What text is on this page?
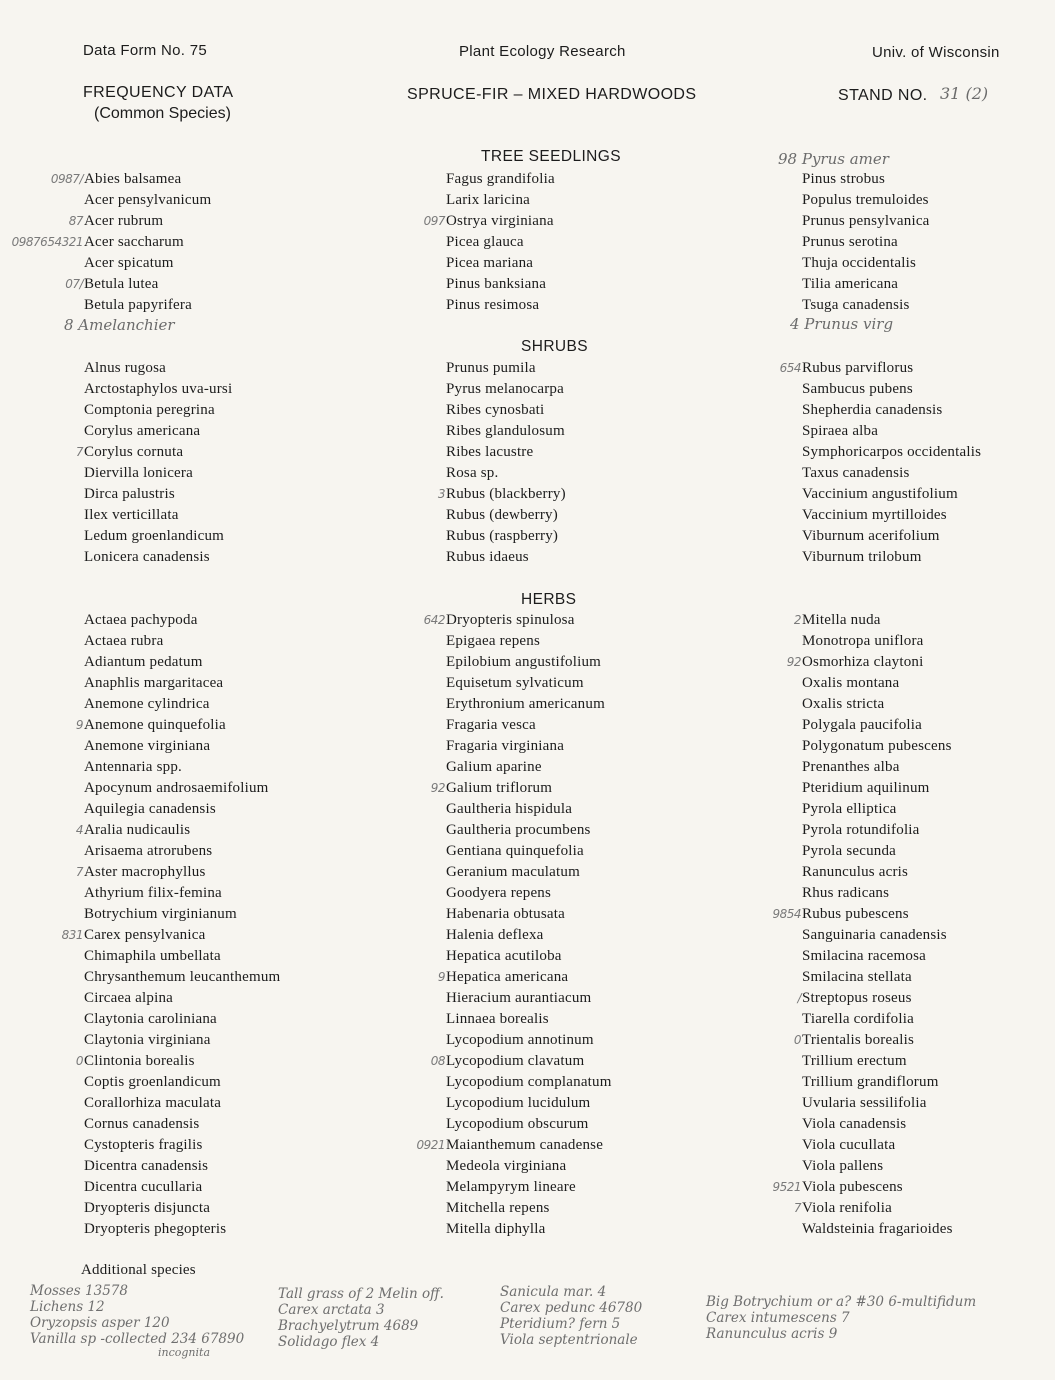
Data Form No. 75	Plant Ecology Research	Univ. of Wisconsin
FREQUENCY DATA
(Common Species)
SPRUCE-FIR – MIXED HARDWOODS	STAND NO. 31 (2)
TREE SEEDLINGS
SHRUBS
HERBS
0987/ Abies balsamea
Acer pensylvanicum
87 Acer rubrum
0987654321 Acer saccharum
Acer spicatum
07/ Betula lutea
Betula papyrifera
Fagus grandifolia
Larix laricina
097 Ostrya virginiana
Picea glauca
Picea mariana
Pinus banksiana
Pinus resimosa
Pinus strobus
Populus tremuloides
Prunus pensylvanica
Prunus serotina
Thuja occidentalis
Tilia americana
Tsuga canadensis
8 Amelanchier
98 Pyrus amer
4 Prunus virg
Alnus rugosa
Arctostaphylos uva-ursi
Comptonia peregrina
Corylus americana
7 Corylus cornuta
Diervilla lonicera
Dirca palustris
Ilex verticillata
Ledum groenlandicum
Lonicera canadensis
Prunus pumila
Pyrus melanocarpa
Ribes cynosbati
Ribes glandulosum
Ribes lacustre
Rosa sp.
3 Rubus (blackberry)
Rubus (dewberry)
Rubus (raspberry)
Rubus idaeus
654 Rubus parviflorus
Sambucus pubens
Shepherdia canadensis
Spiraea alba
Symphoricarpos occidentalis
Taxus canadensis
Vaccinium angustifolium
Vaccinium myrtilloides
Viburnum acerifolium
Viburnum trilobum
Actaea pachypoda
Actaea rubra
Adiantum pedatum
Anaphlis margaritacea
Anemone cylindrica
9 Anemone quinquefolia
Anemone virginiana
Antennaria spp.
Apocynum androsaemifolium
Aquilegia canadensis
4 Aralia nudicaulis
Arisaema atrorubens
7 Aster macrophyllus
Athyrium filix-femina
Botrychium virginianum
831 Carex pensylvanica
Chimaphila umbellata
Chrysanthemum leucanthemum
Circaea alpina
Claytonia caroliniana
Claytonia virginiana
0 Clintonia borealis
Coptis groenlandicum
Corallorhiza maculata
Cornus canadensis
Cystopteris fragilis
Dicentra canadensis
Dicentra cucullaria
Dryopteris disjuncta
Dryopteris phegopteris
642 Dryopteris spinulosa
Epigaea repens
Epilobium angustifolium
Equisetum sylvaticum
Erythronium americanum
Fragaria vesca
Fragaria virginiana
Galium aparine
92 Galium triflorum
Gaultheria hispidula
Gaultheria procumbens
Gentiana quinquefolia
Geranium maculatum
Goodyera repens
Habenaria obtusata
Halenia deflexa
Hepatica acutiloba
9 Hepatica americana
Hieracium aurantiacum
Linnaea borealis
Lycopodium annotinum
08 Lycopodium clavatum
Lycopodium complanatum
Lycopodium lucidulum
Lycopodium obscurum
0921 Maianthemum canadense
Medeola virginiana
Melampyrym lineare
Mitchella repens
Mitella diphylla
2 Mitella nuda
Monotropa uniflora
92 Osmorhiza claytoni
Oxalis montana
Oxalis stricta
Polygala paucifolia
Polygonatum pubescens
Prenanthes alba
Pteridium aquilinum
Pyrola elliptica
Pyrola rotundifolia
Pyrola secunda
Ranunculus acris
Rhus radicans
9854 Rubus pubescens
Sanguinaria canadensis
Smilacina racemosa
Smilacina stellata
/ Streptopus roseus
Tiarella cordifolia
0 Trientalis borealis
Trillium erectum
Trillium grandiflorum
Uvularia sessilifolia
Viola canadensis
Viola cucullata
Viola pallens
9521 Viola pubescens
7 Viola renifolia
Waldsteinia fragarioides
Additional species
Mosses 13578
Lichens 12
Oryzopsis asper 120
Vanilla sp -collected 234 67890
incognita
Tall grass of 2 Melin off.
Carex arctata 3
Brachyelytrum 4689
Solidago flex 4
Sanicula mar. 4
Carex pedunc 46780
Pteridium? fern 5
Viola septentrionale
Big Botrychium or a? #30 6-multifidum
Carex intumescens 7
Ranunculus acris 9
